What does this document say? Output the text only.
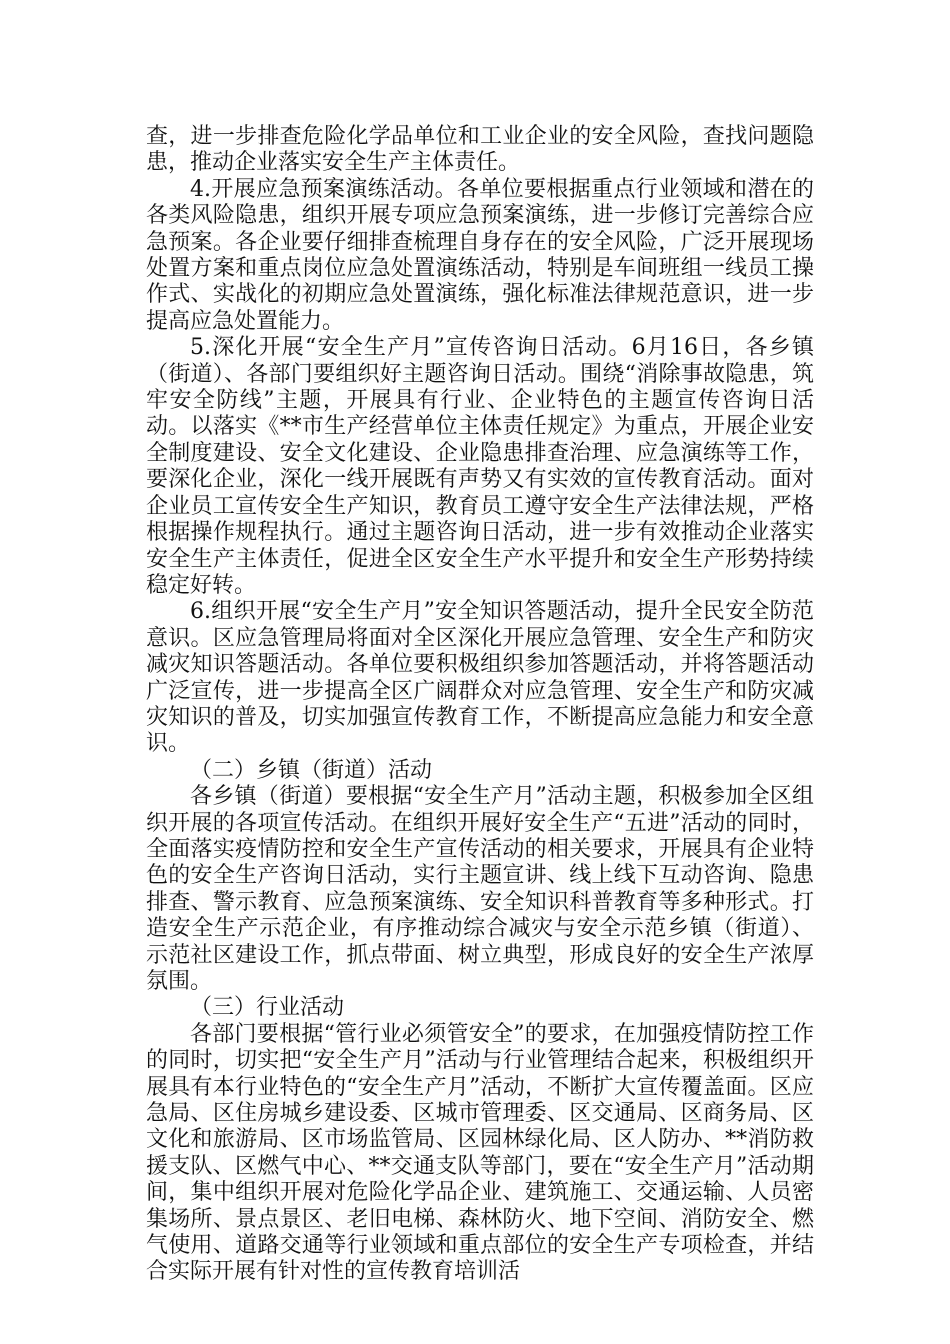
查，进一步排查危险化学品单位和工业企业的安全风险，查找问题隐患，推动企业落实安全生产主体责任。

4.开展应急预案演练活动。各单位要根据重点行业领域和潜在的各类风险隐患，组织开展专项应急预案演练，进一步修订完善综合应急预案。各企业要仔细排查梳理自身存在的安全风险，广泛开展现场处置方案和重点岗位应急处置演练活动，特别是车间班组一线员工操作式、实战化的初期应急处置演练，强化标准法律规范意识，进一步提高应急处置能力。

5.深化开展“安全生产月”宣传咨询日活动。6月16日，各乡镇（街道）、各部门要组织好主题咨询日活动。围绕“消除事故隐患，筑牢安全防线”主题，开展具有行业、企业特色的主题宣传咨询日活动。以落实《**市生产经营单位主体责任规定》为重点，开展企业安全制度建设、安全文化建设、企业隐患排查治理、应急演练等工作，要深化企业，深化一线开展既有声势又有实效的宣传教育活动。面对企业员工宣传安全生产知识，教育员工遵守安全生产法律法规，严格根据操作规程执行。通过主题咨询日活动，进一步有效推动企业落实安全生产主体责任，促进全区安全生产水平提升和安全生产形势持续稳定好转。

6.组织开展“安全生产月”安全知识答题活动，提升全民安全防范意识。区应急管理局将面对全区深化开展应急管理、安全生产和防灾减灾知识答题活动。各单位要积极组织参加答题活动，并将答题活动广泛宣传，进一步提高全区广阔群众对应急管理、安全生产和防灾减灾知识的普及，切实加强宣传教育工作，不断提高应急能力和安全意识。

（二）乡镇（街道）活动

各乡镇（街道）要根据“安全生产月”活动主题，积极参加全区组织开展的各项宣传活动。在组织开展好安全生产“五进”活动的同时，全面落实疫情防控和安全生产宣传活动的相关要求，开展具有企业特色的安全生产咨询日活动，实行主题宣讲、线上线下互动咨询、隐患排查、警示教育、应急预案演练、安全知识科普教育等多种形式。打造安全生产示范企业，有序推动综合减灾与安全示范乡镇（街道）、示范社区建设工作，抓点带面、树立典型，形成良好的安全生产浓厚氛围。

（三）行业活动

各部门要根据“管行业必须管安全”的要求，在加强疫情防控工作的同时，切实把“安全生产月”活动与行业管理结合起来，积极组织开展具有本行业特色的“安全生产月”活动，不断扩大宣传覆盖面。区应急局、区住房城乡建设委、区城市管理委、区交通局、区商务局、区文化和旅游局、区市场监管局、区园林绿化局、区人防办、**消防救援支队、区燃气中心、**交通支队等部门，要在“安全生产月”活动期间，集中组织开展对危险化学品企业、建筑施工、交通运输、人员密集场所、景点景区、老旧电梯、森林防火、地下空间、消防安全、燃气使用、道路交通等行业领域和重点部位的安全生产专项检查，并结合实际开展有针对性的宣传教育培训活
